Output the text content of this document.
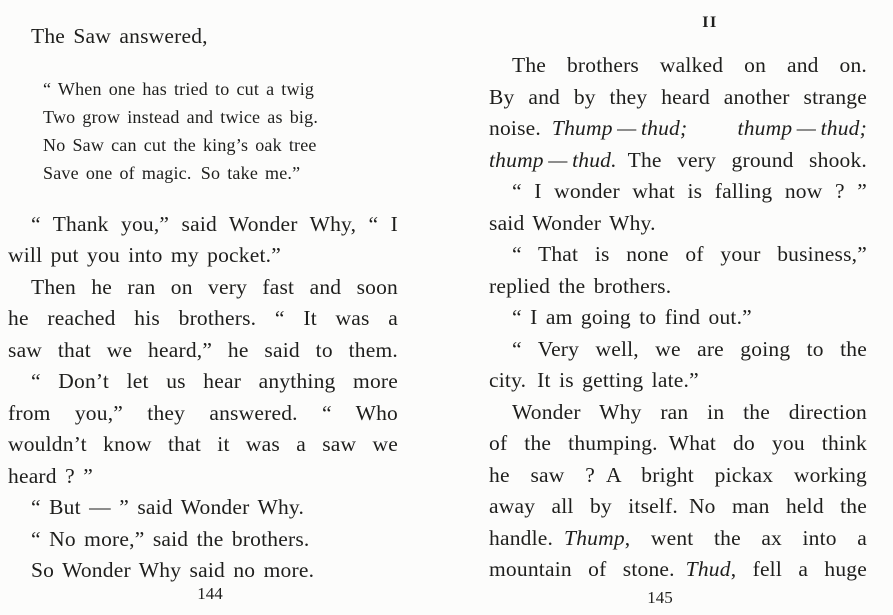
The Saw answered,
“ When one has tried to cut a twig
Two grow instead and twice as big.
No Saw can cut the king’s oak tree
Save one of magic. So take me.”
“ Thank you,” said Wonder Why, “ I
will put you into my pocket.”
Then he ran on very fast and soon
he reached his brothers. “ It was a
saw that we heard,” he said to them.
“ Don’t let us hear anything more
from you,” they answered. “ Who
wouldn’t know that it was a saw we
heard ? ”
“ But — ” said Wonder Why.
“ No more,” said the brothers.
So Wonder Why said no more.
144
II
The brothers walked on and on.
By and by they heard another strange
noise. Thump — thud; thump — thud;
thump — thud. The very ground shook.
“ I wonder what is falling now ? ”
said Wonder Why.
“ That is none of your business,”
replied the brothers.
“ I am going to find out.”
“ Very well, we are going to the
city. It is getting late.”
Wonder Why ran in the direction
of the thumping. What do you think
he saw ? A bright pickax working
away all by itself. No man held the
handle. Thump, went the ax into a
mountain of stone. Thud, fell a huge
145
